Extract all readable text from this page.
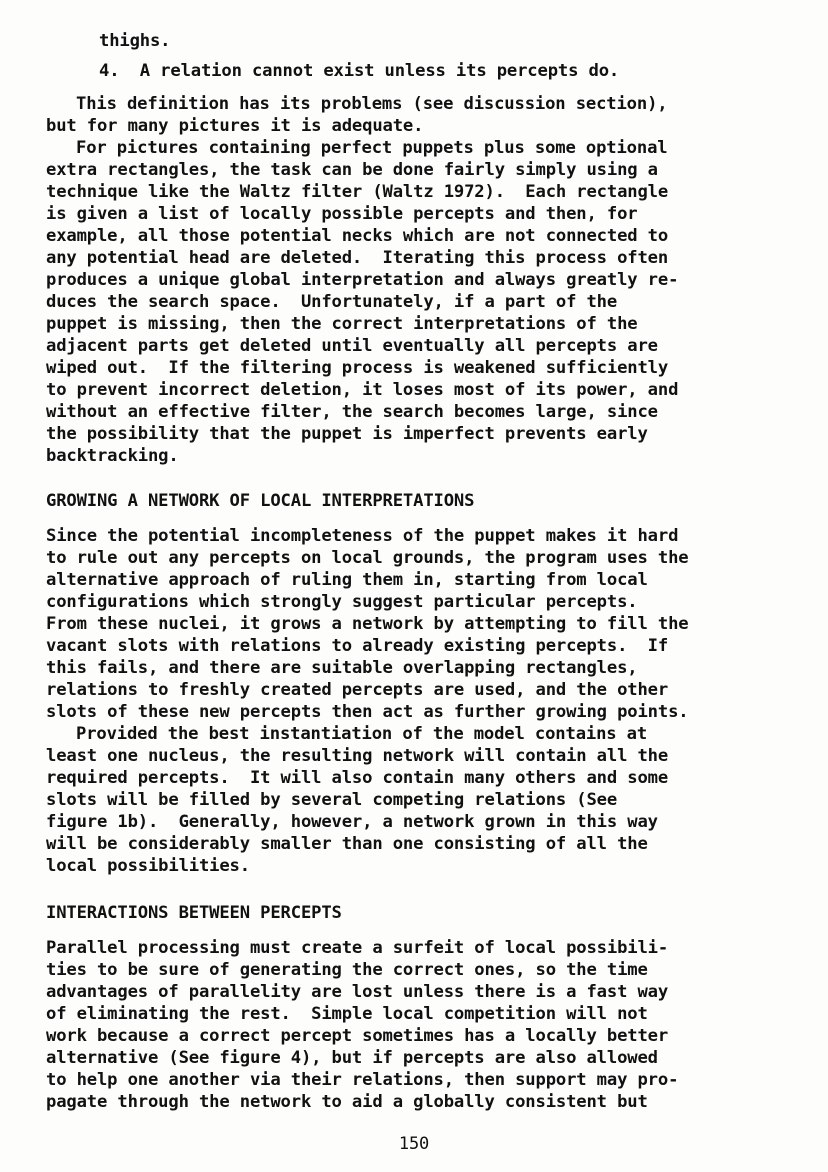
thighs.
4.  A relation cannot exist unless its percepts do.
This definition has its problems (see discussion section),
but for many pictures it is adequate.
For pictures containing perfect puppets plus some optional
extra rectangles, the task can be done fairly simply using a
technique like the Waltz filter (Waltz 1972).  Each rectangle
is given a list of locally possible percepts and then, for
example, all those potential necks which are not connected to
any potential head are deleted.  Iterating this process often
produces a unique global interpretation and always greatly re-
duces the search space.  Unfortunately, if a part of the
puppet is missing, then the correct interpretations of the
adjacent parts get deleted until eventually all percepts are
wiped out.  If the filtering process is weakened sufficiently
to prevent incorrect deletion, it loses most of its power, and
without an effective filter, the search becomes large, since
the possibility that the puppet is imperfect prevents early
backtracking.
GROWING A NETWORK OF LOCAL INTERPRETATIONS
Since the potential incompleteness of the puppet makes it hard
to rule out any percepts on local grounds, the program uses the
alternative approach of ruling them in, starting from local
configurations which strongly suggest particular percepts.
From these nuclei, it grows a network by attempting to fill the
vacant slots with relations to already existing percepts.  If
this fails, and there are suitable overlapping rectangles,
relations to freshly created percepts are used, and the other
slots of these new percepts then act as further growing points.
Provided the best instantiation of the model contains at
least one nucleus, the resulting network will contain all the
required percepts.  It will also contain many others and some
slots will be filled by several competing relations (See
figure 1b).  Generally, however, a network grown in this way
will be considerably smaller than one consisting of all the
local possibilities.
INTERACTIONS BETWEEN PERCEPTS
Parallel processing must create a surfeit of local possibili-
ties to be sure of generating the correct ones, so the time
advantages of parallelity are lost unless there is a fast way
of eliminating the rest.  Simple local competition will not
work because a correct percept sometimes has a locally better
alternative (See figure 4), but if percepts are also allowed
to help one another via their relations, then support may pro-
pagate through the network to aid a globally consistent but
150
